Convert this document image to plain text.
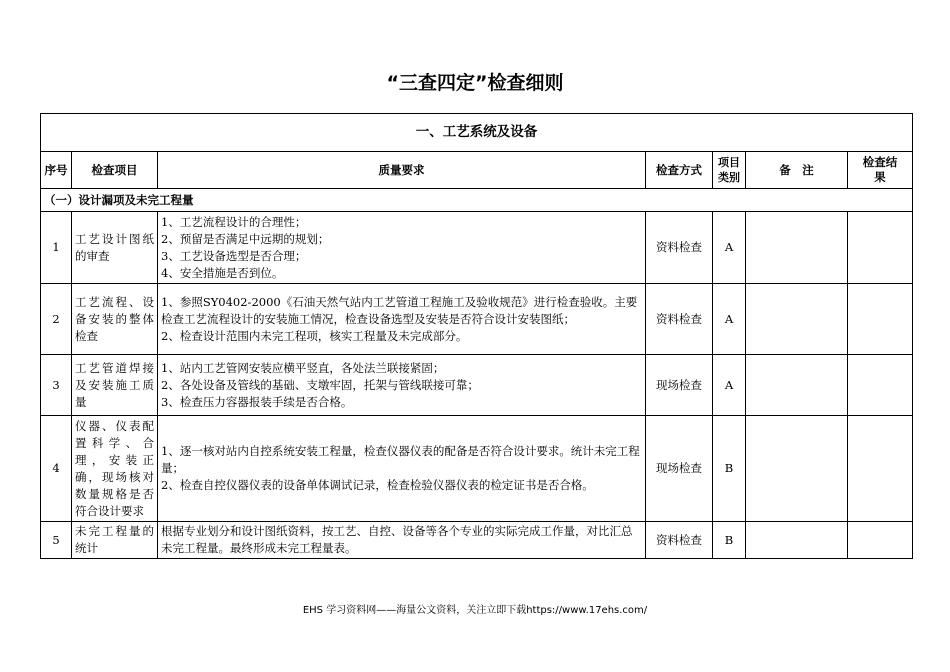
“三查四定”检查细则
一、工艺系统及设备						
序号	检查项目	质量要求	检查方式	项目类别	备　注	检查结果
（一）设计漏项及未完工程量						
1	工艺设计图纸的审查	1、工艺流程设计的合理性；
2、预留是否满足中远期的规划；
3、工艺设备选型是否合理；
4、安全措施是否到位。	资料检查	A		
2	工艺流程、设备安装的整体检查	1、参照SY0402-2000《石油天然气站内工艺管道工程施工及验收规范》进行检查验收。主要检查工艺流程设计的安装施工情况，检查设备选型及安装是否符合设计安装图纸；
2、检查设计范围内未完工程项，核实工程量及未完成部分。	资料检查	A		
3	工艺管道焊接及安装施工质量	1、站内工艺管网安装应横平竖直，各处法兰联接紧固；
2、各处设备及管线的基础、支墩牢固，托架与管线联接可靠；
3、检查压力容器报装手续是否合格。	现场检查	A		
4	仪器、仪表配置科学、合理，安装正确，现场核对数量规格是否符合设计要求	1、逐一核对站内自控系统安装工程量，检查仪器仪表的配备是否符合设计要求。统计未完工程量；
2、检查自控仪器仪表的设备单体调试记录，检查检验仪器仪表的检定证书是否合格。	现场检查	B		
5	未完工程量的统计	根据专业划分和设计图纸资料，按工艺、自控、设备等各个专业的实际完成工作量，对比汇总未完工程量。最终形成未完工程量表。	资料检查	B		
EHS 学习资料网——海量公文资料，关注立即下载https://www.17ehs.com/
